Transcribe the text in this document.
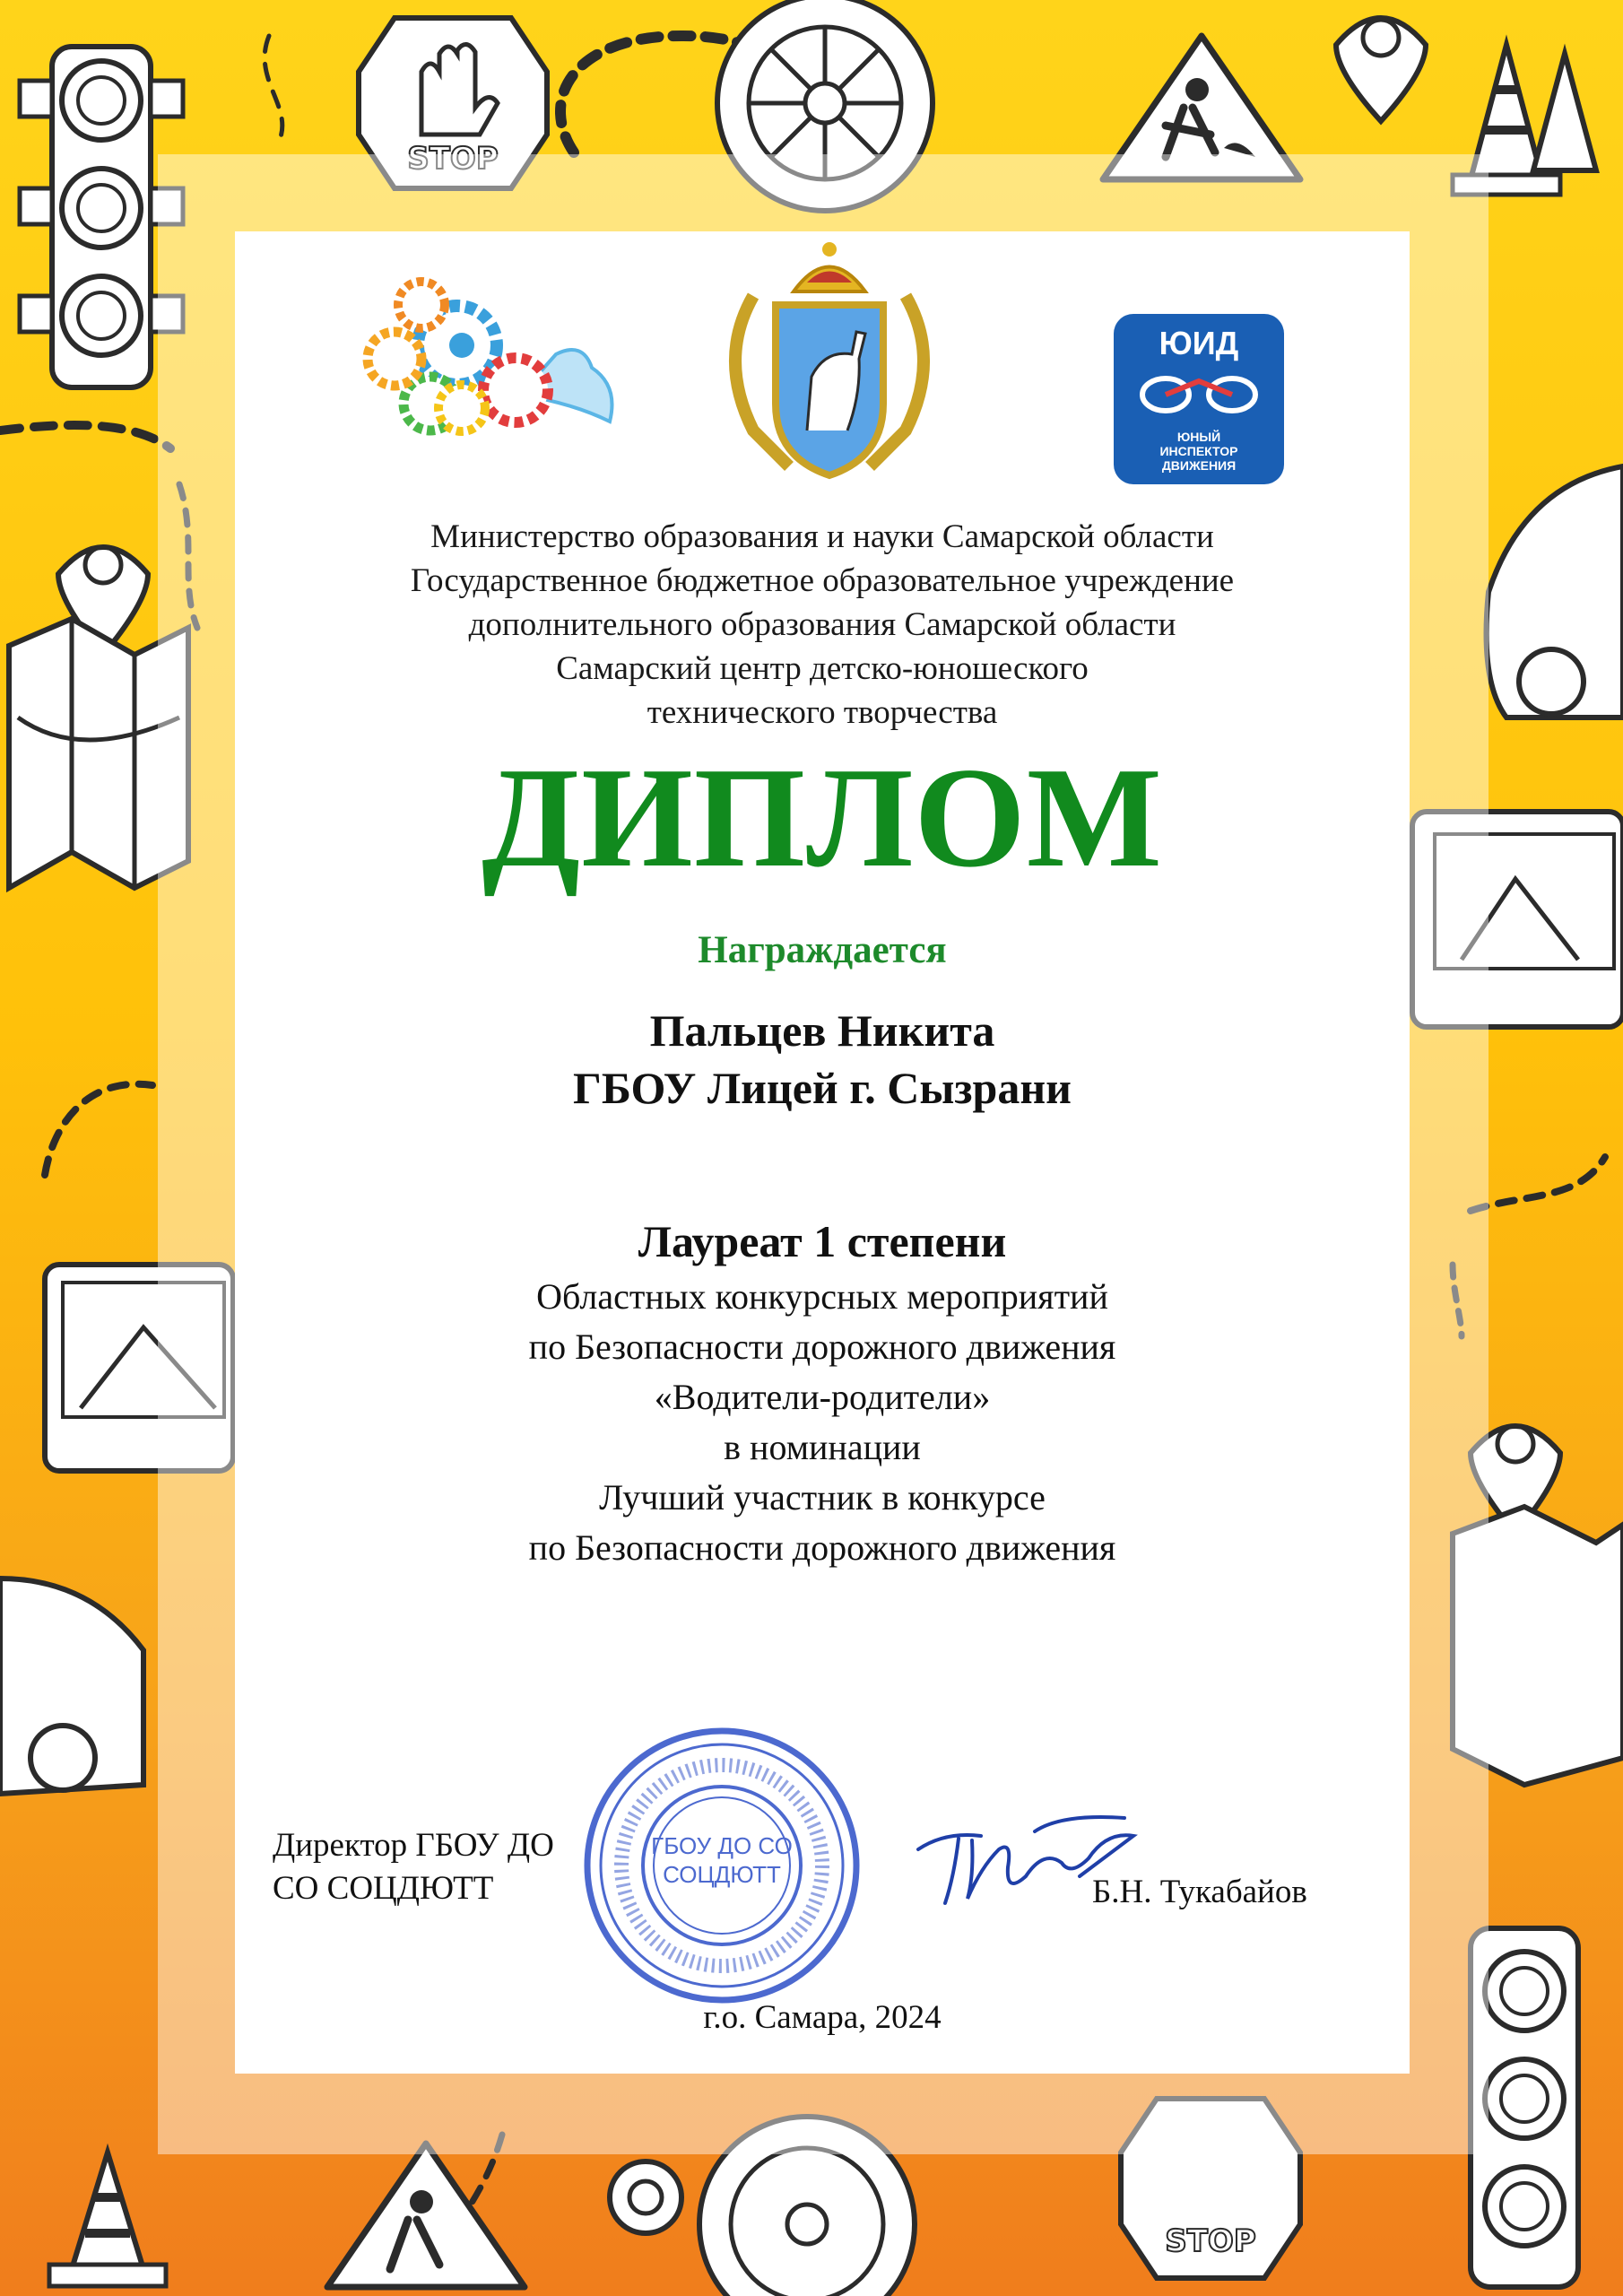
STOP
STOP
ЮИД
ЮНЫЙ
ИНСПЕКТОР
ДВИЖЕНИЯ
Министерство образования и науки Самарской области
Государственное бюджетное образовательное учреждение
дополнительного образования Самарской области
Самарский центр детско-юношеского
технического творчества
ДИПЛОМ
Награждается
Пальцев Никита
ГБОУ Лицей г. Сызрани
Лауреат 1 степени
Областных конкурсных мероприятий
по Безопасности дорожного движения
«Водители-родители»
в номинации
Лучший участник в конкурсе
по Безопасности дорожного движения
ГБОУ ДО СО
СОЦДЮТТ
Директор ГБОУ ДО
СО СОЦДЮТТ	Б.Н. Тукабайов
г.о. Самара, 2024
